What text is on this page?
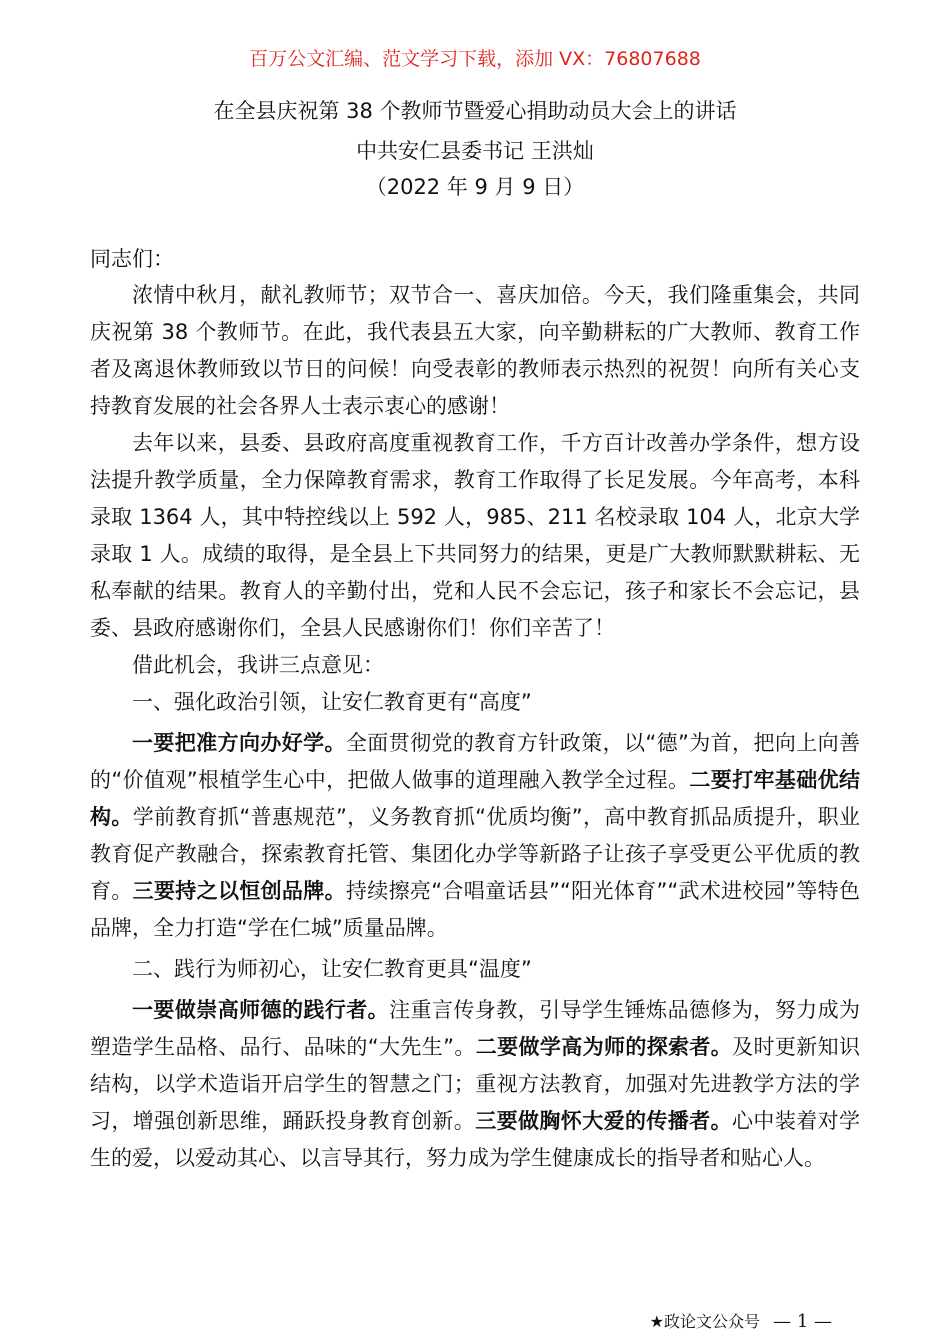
百万公文汇编、范文学习下载，添加 VX：76807688
在全县庆祝第 38 个教师节暨爱心捐助动员大会上的讲话
中共安仁县委书记 王洪灿
（2022 年 9 月 9 日）
同志们：

浓情中秋月，献礼教师节；双节合一、喜庆加倍。今天，我们隆重集会，共同庆祝第 38 个教师节。在此，我代表县五大家，向辛勤耕耘的广大教师、教育工作者及离退休教师致以节日的问候！向受表彰的教师表示热烈的祝贺！向所有关心支持教育发展的社会各界人士表示衷心的感谢！

去年以来，县委、县政府高度重视教育工作，千方百计改善办学条件，想方设法提升教学质量，全力保障教育需求，教育工作取得了长足发展。今年高考，本科录取 1364 人，其中特控线以上 592 人，985、211 名校录取 104 人，北京大学录取 1 人。成绩的取得，是全县上下共同努力的结果，更是广大教师默默耕耘、无私奉献的结果。教育人的辛勤付出，党和人民不会忘记，孩子和家长不会忘记，县委、县政府感谢你们，全县人民感谢你们！你们辛苦了！

借此机会，我讲三点意见：

一、强化政治引领，让安仁教育更有“高度”

一要把准方向办好学。全面贯彻党的教育方针政策，以“德”为首，把向上向善的“价值观”根植学生心中，把做人做事的道理融入教学全过程。二要打牢基础优结构。学前教育抓“普惠规范”，义务教育抓“优质均衡”，高中教育抓品质提升，职业教育促产教融合，探索教育托管、集团化办学等新路子让孩子享受更公平优质的教育。三要持之以恒创品牌。持续擦亮“合唱童话县”“阳光体育”“武术进校园”等特色品牌，全力打造“学在仁城”质量品牌。

二、践行为师初心，让安仁教育更具“温度”

一要做崇高师德的践行者。注重言传身教，引导学生锤炼品德修为，努力成为塑造学生品格、品行、品味的“大先生”。二要做学高为师的探索者。及时更新知识结构，以学术造诣开启学生的智慧之门；重视方法教育，加强对先进教学方法的学习，增强创新思维，踊跃投身教育创新。三要做胸怀大爱的传播者。心中装着对学生的爱，以爱动其心、以言导其行，努力成为学生健康成长的指导者和贴心人。

★政论文公众号 — 1 —
